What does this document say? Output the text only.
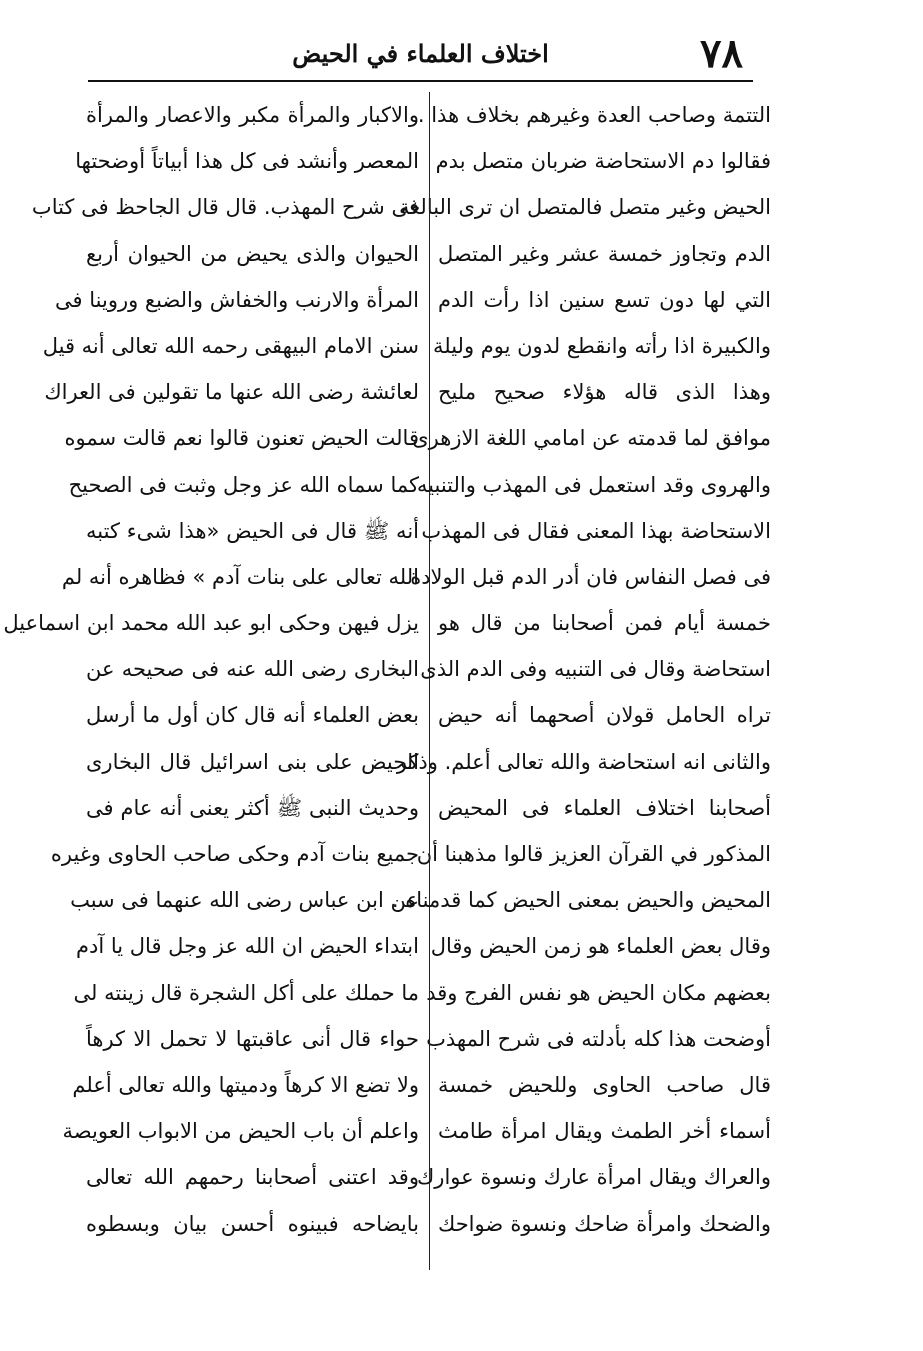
٧٨
اختلاف العلماء في الحيض
التتمة وصاحب العدة وغيرهم بخلاف هذا .
فقالوا دم الاستحاضة ضربان متصل بدم
الحيض وغير متصل فالمتصل ان ترى البالغة
الدم وتجاوز خمسة عشر وغير المتصل
التي لها دون تسع سنين اذا رأت الدم
والكبيرة اذا رأته وانقطع لدون يوم وليلة
وهذا الذى قاله هؤلاء صحيح مليح
موافق لما قدمته عن امامي اللغة الازهرى
والهروى وقد استعمل فى المهذب والتنبيه
الاستحاضة بهذا المعنى فقال فى المهذب
فى فصل النفاس فان أدر الدم قبل الولادة
خمسة أيام فمن أصحابنا من قال هو
استحاضة وقال فى التنبيه وفى الدم الذى
تراه الحامل قولان أصحهما أنه حيض
والثانى انه استحاضة والله تعالى أعلم. وذكر
أصحابنا اختلاف العلماء فى المحيض
المذكور في القرآن العزيز قالوا مذهبنا أن
المحيض والحيض بمعنى الحيض كما قدمناه .
وقال بعض العلماء هو زمن الحيض وقال
بعضهم مكان الحيض هو نفس الفرج وقد
أوضحت هذا كله بأدلته فى شرح المهذب
قال صاحب الحاوى وللحيض خمسة
أسماء أخر الطمث ويقال امرأة طامث
والعراك ويقال امرأة عارك ونسوة عوارك
والضحك وامرأة ضاحك ونسوة ضواحك
والاكبار والمرأة مكبر والاعصار والمرأة
المعصر وأنشد فى كل هذا أبياتاً أوضحتها
فى شرح المهذب. قال قال الجاحظ فى كتاب
الحيوان والذى يحيض من الحيوان أربع
المرأة والارنب والخفاش والضبع وروينا فى
سنن الامام البيهقى رحمه الله تعالى أنه قيل
لعائشة رضى الله عنها ما تقولين فى العراك
قالت الحيض تعنون قالوا نعم قالت سموه
كما سماه الله عز وجل وثبت فى الصحيح
أنه ﷺ قال فى الحيض «هذا شىء كتبه
الله تعالى على بنات آدم » فظاهره أنه لم
يزل فيهن وحكى ابو عبد الله محمد ابن اسماعيل
البخارى رضى الله عنه فى صحيحه عن
بعض العلماء أنه قال كان أول ما أرسل
الحيض على بنى اسرائيل قال البخارى
وحديث النبى ﷺ أكثر يعنى أنه عام فى
جميع بنات آدم وحكى صاحب الحاوى وغيره
عن ابن عباس رضى الله عنهما فى سبب
ابتداء الحيض ان الله عز وجل قال يا آدم
ما حملك على أكل الشجرة قال زينته لى
حواء قال أنى عاقبتها لا تحمل الا كرهاً
ولا تضع الا كرهاً ودميتها والله تعالى أعلم
واعلم أن باب الحيض من الابواب العويصة
وقد اعتنى أصحابنا رحمهم الله تعالى
بايضاحه فبينوه أحسن بيان وبسطوه
